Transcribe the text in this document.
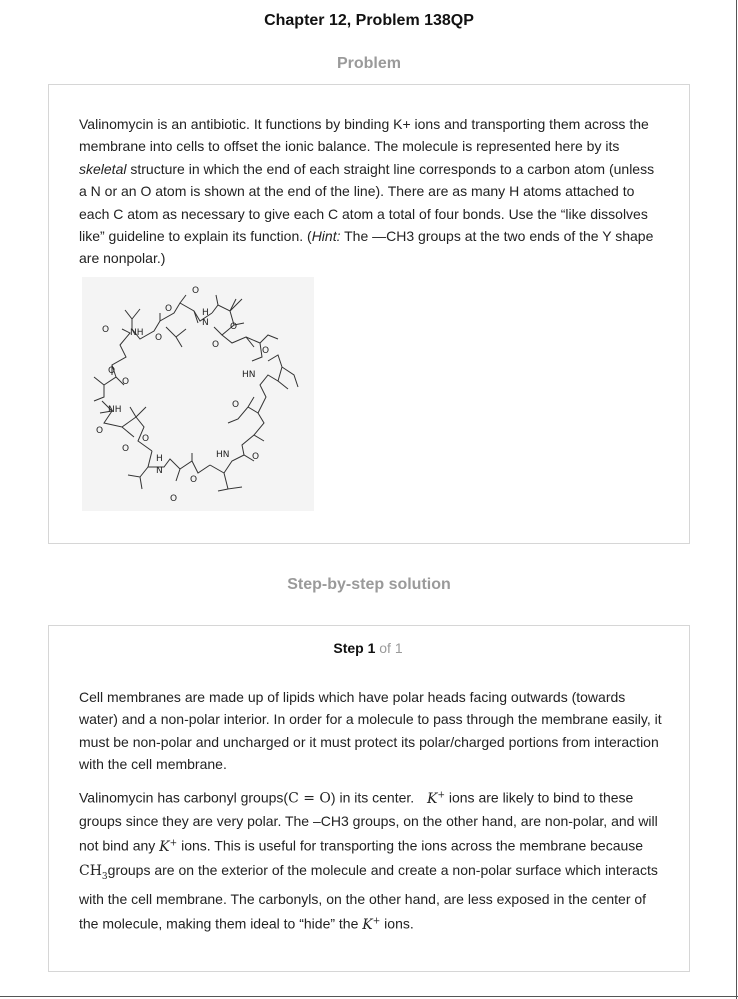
Chapter 12, Problem 138QP
Problem

Valinomycin is an antibiotic. It functions by binding K+ ions and transporting them across the membrane into cells to offset the ionic balance. The molecule is represented here by its skeletal structure in which the end of each straight line corresponds to a carbon atom (unless a N or an O atom is shown at the end of the line). There are as many H atoms attached to each C atom as necessary to give each C atom a total of four bonds. Use the “like dissolves like” guideline to explain its function. (Hint: The —CH3 groups at the two ends of the Y shape are nonpolar.)

O
O
NH O
O	H
N
O
O
O
O	HN
NH
O
O
O
O
H
N
O
O
HN	O
O
Step-by-step solution
Step 1 of 1

Cell membranes are made up of lipids which have polar heads facing outwards (towards water) and a non-polar interior. In order for a molecule to pass through the membrane easily, it must be non-polar and uncharged or it must protect its polar/charged portions from interaction with the cell membrane.

Valinomycin has carbonyl groups(C = O) in its center. K+ ions are likely to bind to these groups since they are very polar. The –CH3 groups, on the other hand, are non-polar, and will not bind any K+ ions. This is useful for transporting the ions across the membrane because $CH_3groups$ are on the exterior of the molecule and create a non-polar surface which interacts with the cell membrane. The carbonyls, on the other hand, are less exposed in the center of the molecule, making them ideal to “hide” the K+ ions.
